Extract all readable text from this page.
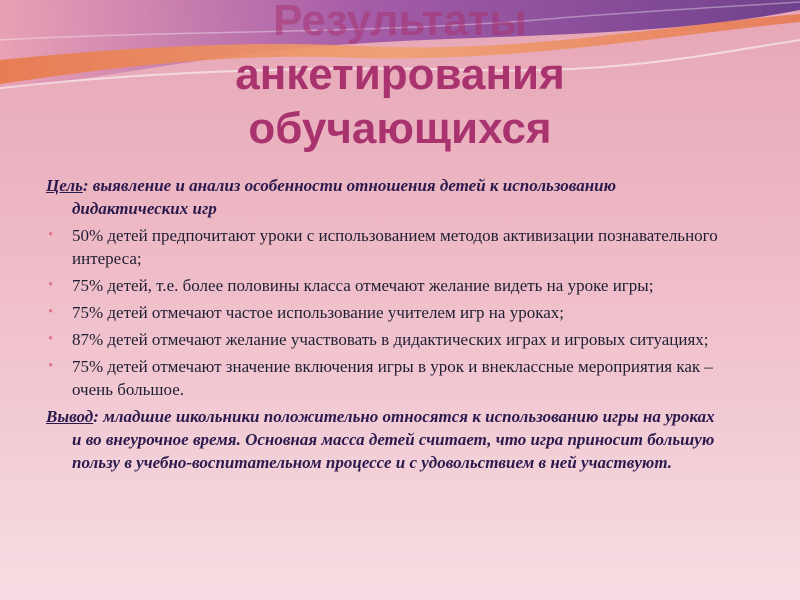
Результаты
анкетирования
обучающихся

Цель: выявление и анализ особенности отношения детей к использованию дидактических игр

• 50% детей предпочитают уроки с использованием методов активизации познавательного интереса;

• 75% детей, т.е. более половины класса отмечают желание видеть на уроке игры;

• 75% детей отмечают частое использование учителем игр на уроках;

• 87% детей отмечают желание участвовать в дидактических играх и игровых ситуациях;

• 75% детей отмечают значение включения игры в урок и внеклассные мероприятия как – очень большое.

Вывод: младшие школьники положительно относятся к использованию игры на уроках и во внеурочное время. Основная масса детей считает, что игра приносит большую пользу в учебно-воспитательном процессе и с удовольствием в ней участвуют.
